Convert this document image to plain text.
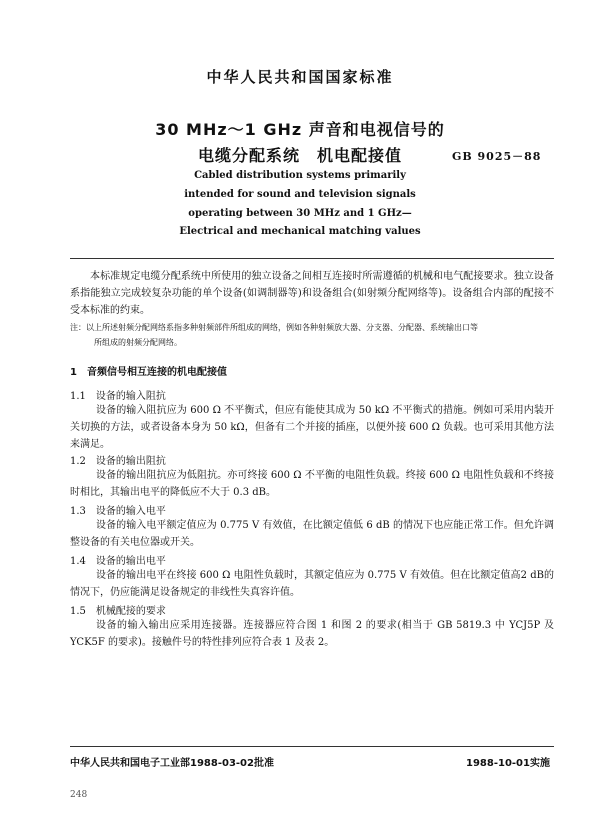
中华人民共和国国家标准
30 MHz～1 GHz 声音和电视信号的
电缆分配系统　机电配接值	GB 9025－88
Cabled distribution systems primarily
intended for sound and television signals
operating between 30 MHz and 1 GHz—
Electrical and mechanical matching values
本标准规定电缆分配系统中所使用的独立设备之间相互连接时所需遵循的机械和电气配接要求。独立设备系指能独立完成较复杂功能的单个设备(如调制器等)和设备组合(如射频分配网络等)。设备组合内部的配接不受本标准的约束。
注：以上所述射频分配网络系指多种射频部件所组成的网络，例如各种射频放大器、分支器、分配器、系统输出口等
所组成的射频分配网络。
1　音频信号相互连接的机电配接值
1.1　设备的输入阻抗
设备的输入阻抗应为 600 Ω 不平衡式，但应有能使其成为 50 kΩ 不平衡式的措施。例如可采用内装开关切换的方法，或者设备本身为 50 kΩ，但备有二个并接的插座，以便外接 600 Ω 负载。也可采用其他方法来满足。
1.2　设备的输出阻抗
设备的输出阻抗应为低阻抗。亦可终接 600 Ω 不平衡的电阻性负载。终接 600 Ω 电阻性负载和不终接时相比，其输出电平的降低应不大于 0.3 dB。
1.3　设备的输入电平
设备的输入电平额定值应为 0.775 V 有效值，在比额定值低 6 dB 的情况下也应能正常工作。但允许调整设备的有关电位器或开关。
1.4　设备的输出电平
设备的输出电平在终接 600 Ω 电阻性负载时，其额定值应为 0.775 V 有效值。但在比额定值高2 dB的情况下，仍应能满足设备规定的非线性失真容许值。
1.5　机械配接的要求
设备的输入输出应采用连接器。连接器应符合图 1 和图 2 的要求(相当于 GB 5819.3 中 YCJ5P 及 YCK5F 的要求)。接触件号的特性排列应符合表 1 及表 2。
中华人民共和国电子工业部1988-03-02批准	1988-10-01实施
248
